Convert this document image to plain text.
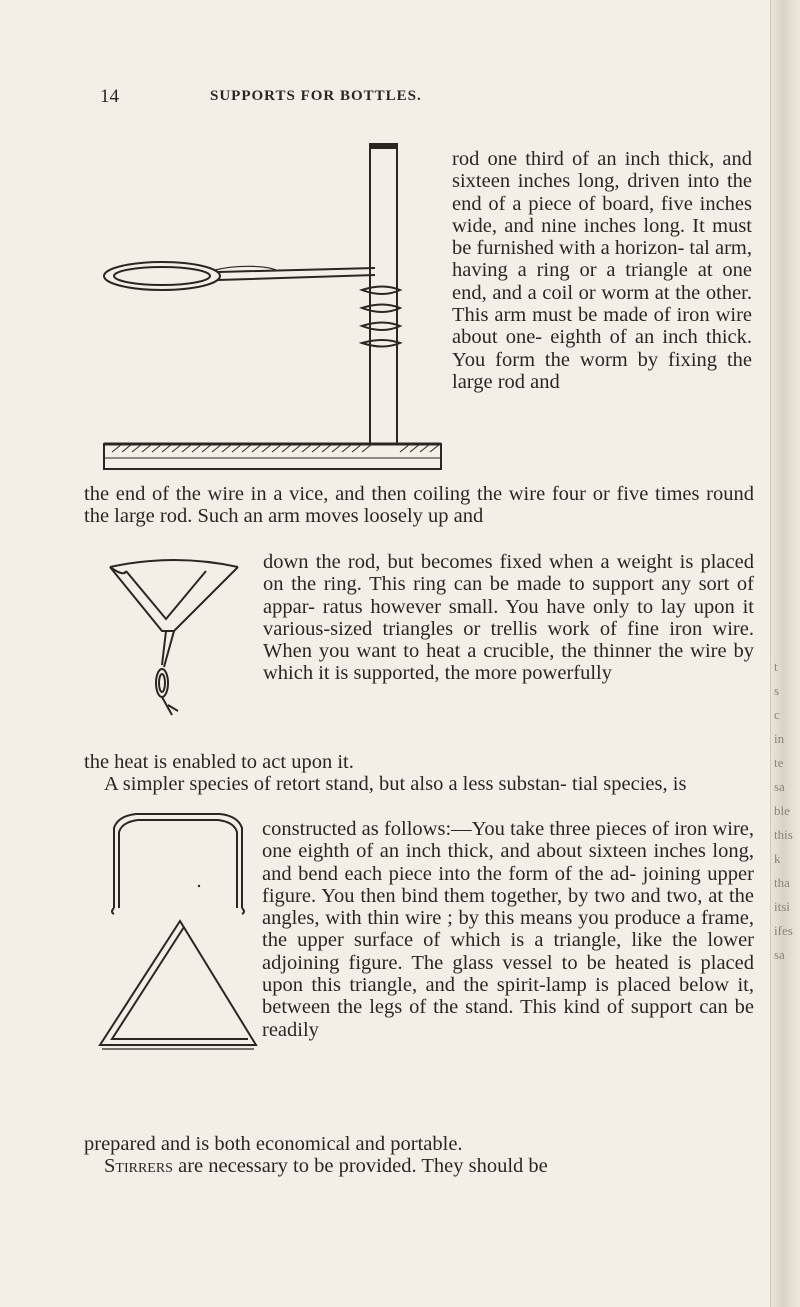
t
s
c
in
te
sa
ble
this
k
tha
itsi
ifes
sa
14	SUPPORTS FOR BOTTLES.

rod one third of an inch thick, and sixteen inches long, driven into the end of a piece of board, five inches wide, and nine inches long. It must be furnished with a horizon- tal arm, having a ring or a triangle at one end, and a coil or worm at the other. This arm must be made of iron wire about one- eighth of an inch thick. You form the worm by fixing the large rod and

the end of the wire in a vice, and then coiling the wire four or five times round the large rod. Such an arm moves loosely up and

down the rod, but becomes fixed when a weight is placed on the ring. This ring can be made to support any sort of appar- ratus however small. You have only to lay upon it various-sized triangles or trellis work of fine iron wire. When you want to heat a crucible, the thinner the wire by which it is supported, the more powerfully

the heat is enabled to act upon it.

A simpler species of retort stand, but also a less substan- tial species, is

constructed as follows:—You take three pieces of iron wire, one eighth of an inch thick, and about sixteen inches long, and bend each piece into the form of the ad- joining upper figure. You then bind them together, by two and two, at the angles, with thin wire ; by this means you produce a frame, the upper surface of which is a triangle, like the lower adjoining figure. The glass vessel to be heated is placed upon this triangle, and the spirit-lamp is placed below it, between the legs of the stand. This kind of support can be readily

prepared and is both economical and portable.

Stirrers are necessary to be provided. They should be
